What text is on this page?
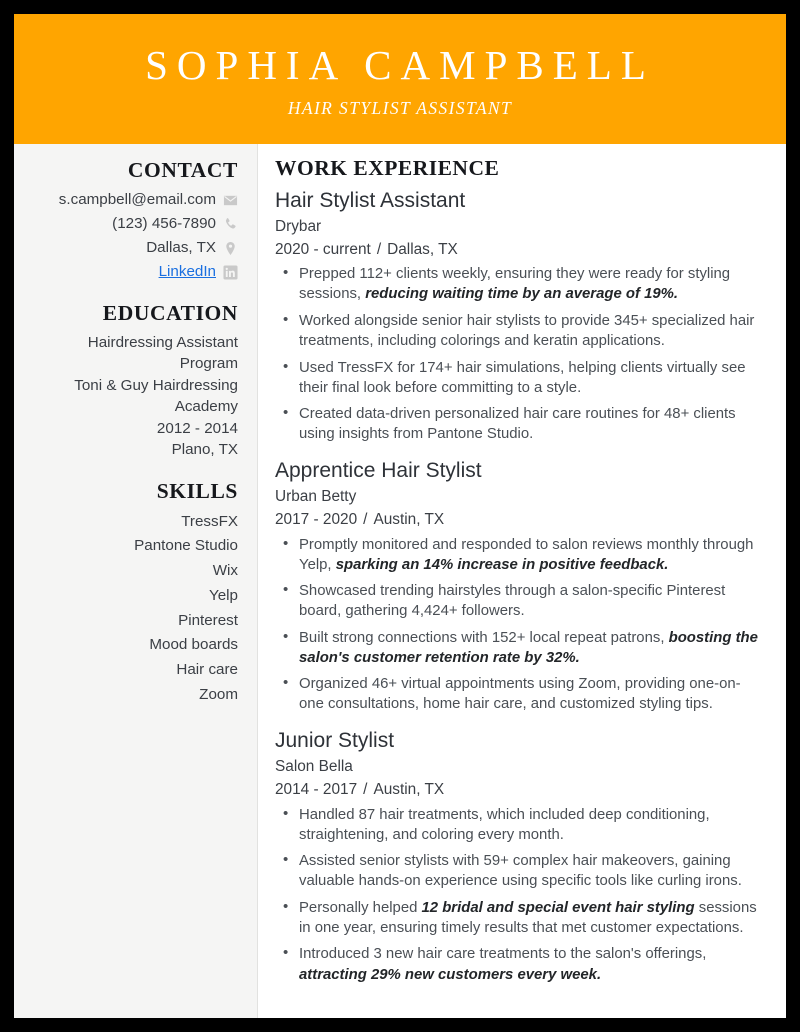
SOPHIA CAMPBELL
HAIR STYLIST ASSISTANT
CONTACT
s.campbell@email.com
(123) 456-7890
Dallas, TX
LinkedIn
EDUCATION
Hairdressing Assistant Program
Toni & Guy Hairdressing Academy
2012 - 2014
Plano, TX
SKILLS
TressFX
Pantone Studio
Wix
Yelp
Pinterest
Mood boards
Hair care
Zoom
WORK EXPERIENCE
Hair Stylist Assistant
Drybar
2020 - current / Dallas, TX
• Prepped 112+ clients weekly, ensuring they were ready for styling sessions, reducing waiting time by an average of 19%.
• Worked alongside senior hair stylists to provide 345+ specialized hair treatments, including colorings and keratin applications.
• Used TressFX for 174+ hair simulations, helping clients virtually see their final look before committing to a style.
• Created data-driven personalized hair care routines for 48+ clients using insights from Pantone Studio.
Apprentice Hair Stylist
Urban Betty
2017 - 2020 / Austin, TX
• Promptly monitored and responded to salon reviews monthly through Yelp, sparking an 14% increase in positive feedback.
• Showcased trending hairstyles through a salon-specific Pinterest board, gathering 4,424+ followers.
• Built strong connections with 152+ local repeat patrons, boosting the salon's customer retention rate by 32%.
• Organized 46+ virtual appointments using Zoom, providing one-on-one consultations, home hair care, and customized styling tips.
Junior Stylist
Salon Bella
2014 - 2017 / Austin, TX
• Handled 87 hair treatments, which included deep conditioning, straightening, and coloring every month.
• Assisted senior stylists with 59+ complex hair makeovers, gaining valuable hands-on experience using specific tools like curling irons.
• Personally helped 12 bridal and special event hair styling sessions in one year, ensuring timely results that met customer expectations.
• Introduced 3 new hair care treatments to the salon's offerings, attracting 29% new customers every week.
